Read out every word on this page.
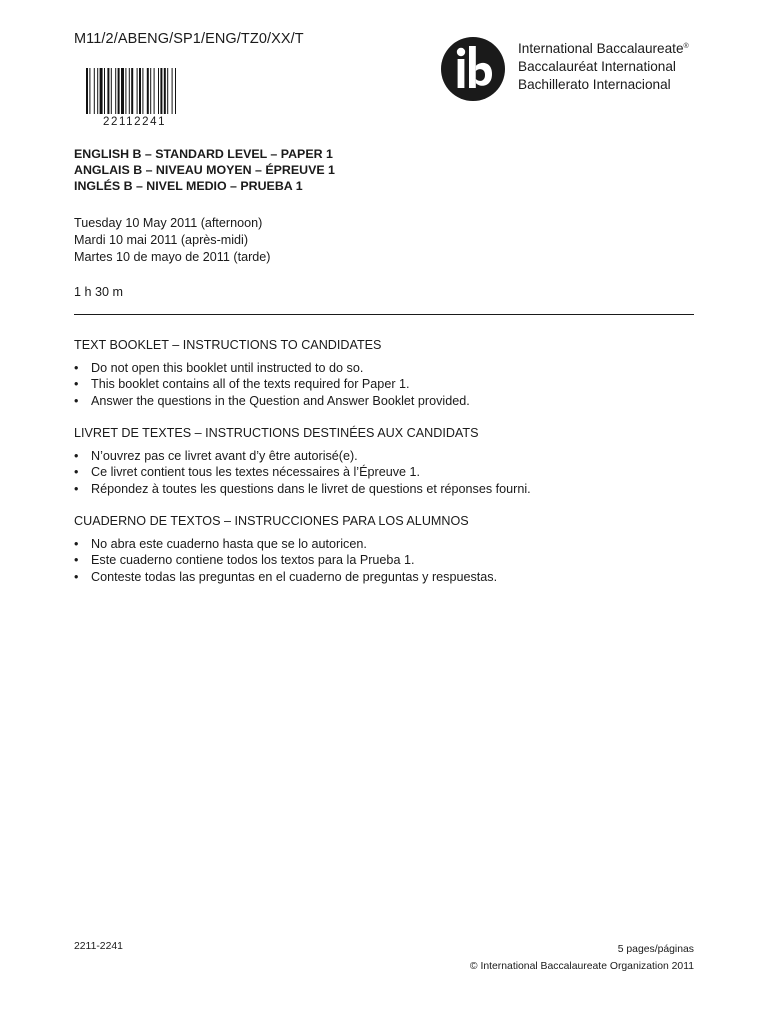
M11/2/ABENG/SP1/ENG/TZ0/XX/T
22112241
International Baccalaureate®
Baccalauréat International
Bachillerato Internacional
ENGLISH B – STANDARD LEVEL – PAPER 1
ANGLAIS B – NIVEAU MOYEN – ÉPREUVE 1
INGLÉS B – NIVEL MEDIO – PRUEBA 1
Tuesday 10 May 2011 (afternoon)
Mardi 10 mai 2011 (après-midi)
Martes 10 de mayo de 2011 (tarde)
1 h 30 m
TEXT BOOKLET – INSTRUCTIONS TO CANDIDATES
• Do not open this booklet until instructed to do so.
• This booklet contains all of the texts required for Paper 1.
• Answer the questions in the Question and Answer Booklet provided.
LIVRET DE TEXTES – INSTRUCTIONS DESTINÉES AUX CANDIDATS
• N’ouvrez pas ce livret avant d’y être autorisé(e).
• Ce livret contient tous les textes nécessaires à l’Épreuve 1.
• Répondez à toutes les questions dans le livret de questions et réponses fourni.
CUADERNO DE TEXTOS – INSTRUCCIONES PARA LOS ALUMNOS
• No abra este cuaderno hasta que se lo autoricen.
• Este cuaderno contiene todos los textos para la Prueba 1.
• Conteste todas las preguntas en el cuaderno de preguntas y respuestas.
2211-2241	5 pages/páginas
© International Baccalaureate Organization 2011
